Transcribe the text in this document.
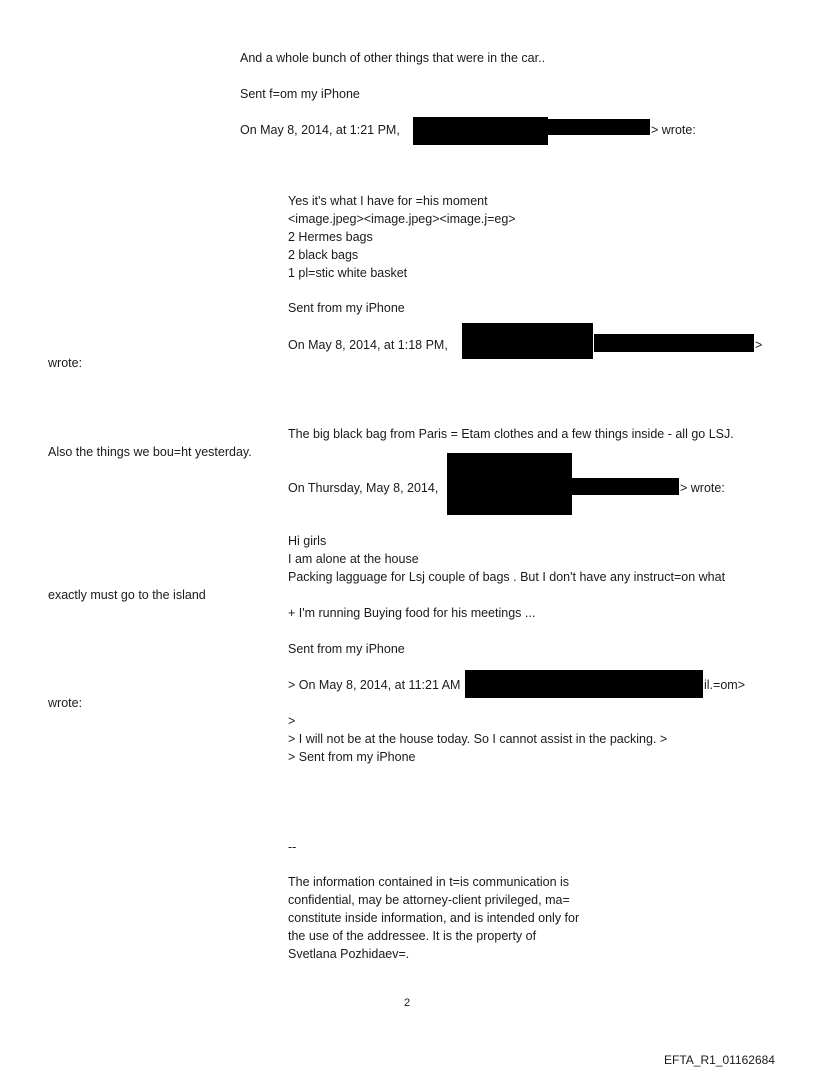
And a whole bunch of other things that were in the car..
Sent f=om my iPhone
On May 8, 2014, at 1:21 PM,	> wrote:
Yes it's what I have for =his moment
<image.jpeg><image.jpeg><image.j=eg>
2 Hermes bags
2 black bags
1 pl=stic white basket
Sent from my iPhone
On May 8, 2014, at 1:18 PM,	>
wrote:
The big black bag from Paris = Etam clothes and a few things inside - all go LSJ.
Also the things we bou=ht yesterday.
On Thursday, May 8, 2014,	> wrote:
Hi girls
I am alone at the house
Packing lagguage for Lsj couple of bags . But I don't have any instruct=on what
exactly must go to the island
+ I'm running Buying food for his meetings ...
Sent from my iPhone
> On May 8, 2014, at 11:21 AM	il.=om>
wrote:
>
> I will not be at the house today. So I cannot assist in the packing. >
> Sent from my iPhone
--
The information contained in t=is communication is
confidential, may be attorney-client privileged, ma=
constitute inside information, and is intended only for
the use of the addressee. It is the property of
Svetlana Pozhidaev=.
2
EFTA_R1_01162684
